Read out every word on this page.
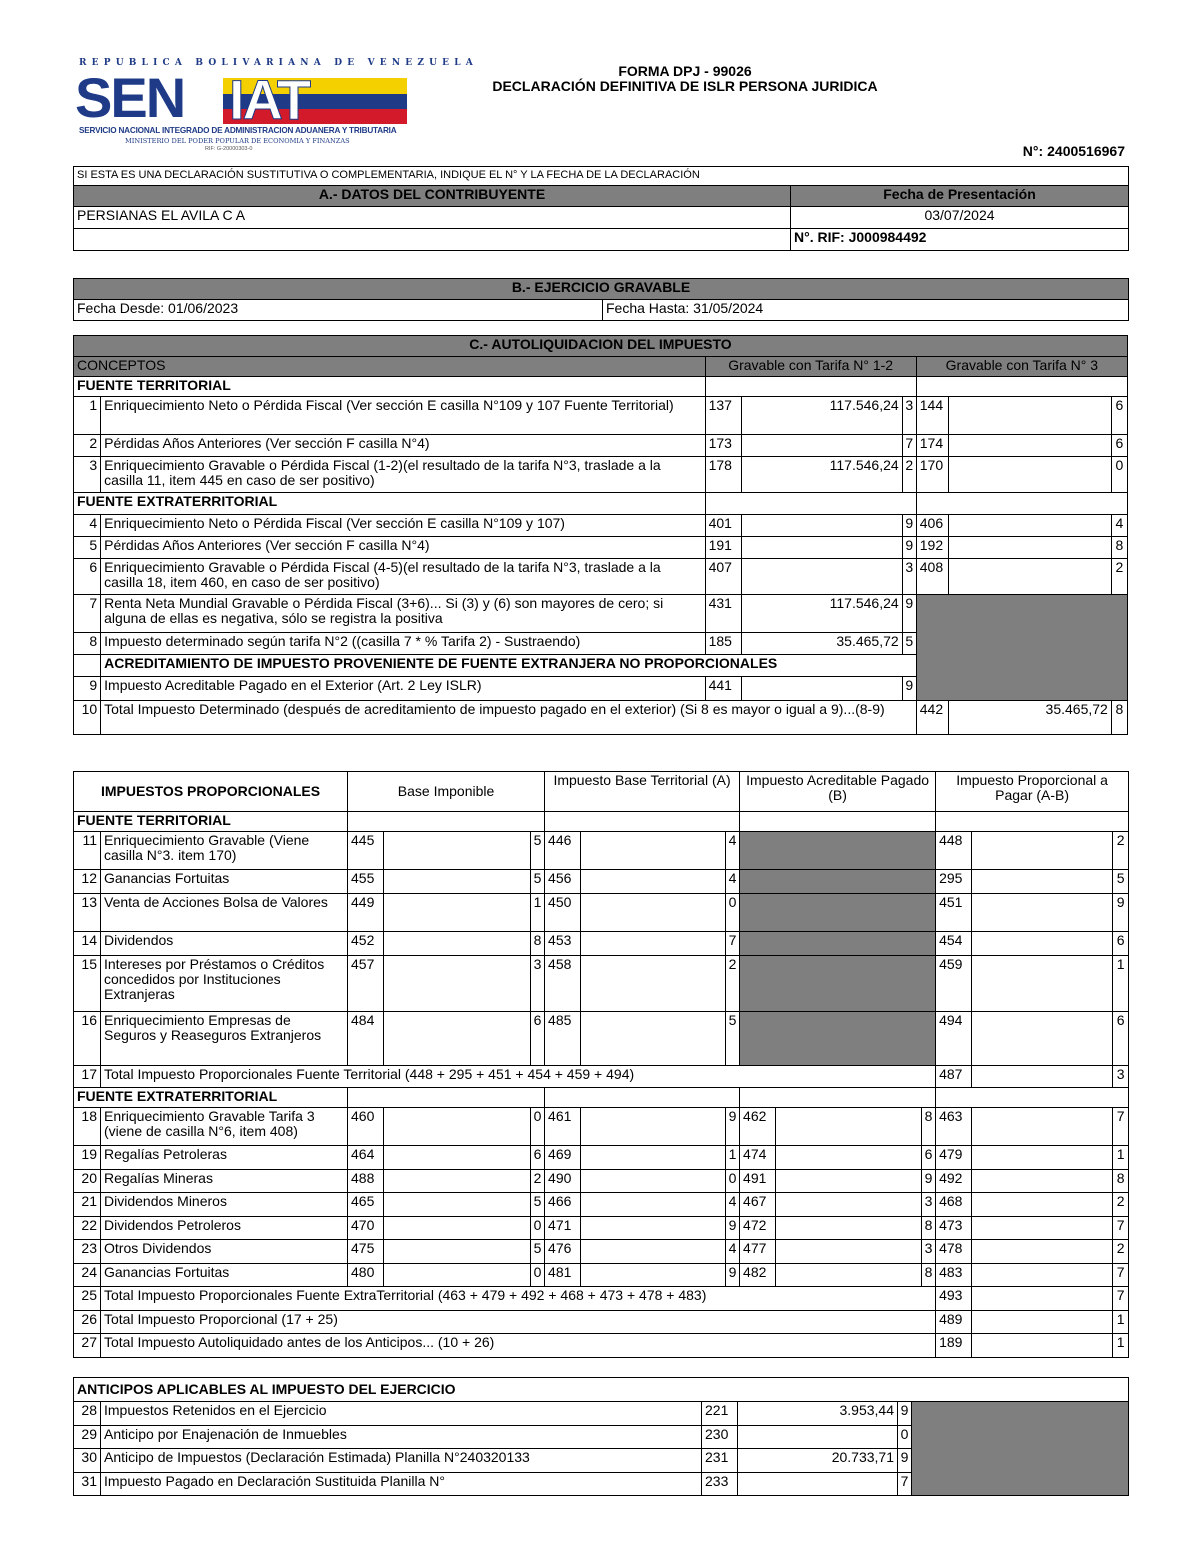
REPUBLICA BOLIVARIANA DE VENEZUELA
SEN IAT	✦✦✦✦✦✦✦✦
SERVICIO NACIONAL INTEGRADO DE ADMINISTRACION ADUANERA Y TRIBUTARIA
MINISTERIO DEL PODER POPULAR DE ECONOMIA Y FINANZAS
RIF: G-20000303-0
FORMA DPJ - 99026
DECLARACIÓN DEFINITIVA DE ISLR PERSONA JURIDICA
N°: 2400516967
SI ESTA ES UNA DECLARACIÓN SUSTITUTIVA O COMPLEMENTARIA, INDIQUE EL N° Y LA FECHA DE LA DECLARACIÓN	
A.- DATOS DEL CONTRIBUYENTE	Fecha de Presentación
PERSIANAS EL AVILA C A	03/07/2024
	N°. RIF: J000984492
B.- EJERCICIO GRAVABLE
Fecha Desde: 01/06/2023	Fecha Hasta: 31/05/2024
C.- AUTOLIQUIDACION DEL IMPUESTO							
CONCEPTOS		Gravable con Tarifa N° 1-2			Gravable con Tarifa N° 3		
FUENTE TERRITORIAL							
1	Enriquecimiento Neto o Pérdida Fiscal (Ver sección E casilla N°109 y 107 Fuente Territorial)	137	117.546,24	3	144		6
2	Pérdidas Años Anteriores (Ver sección F casilla N°4)	173		7	174		6
3	Enriquecimiento Gravable o Pérdida Fiscal (1-2)(el resultado de la tarifa N°3, traslade a la casilla 11, item 445 en caso de ser positivo)	178	117.546,24	2	170		0
FUENTE EXTRATERRITORIAL							
4	Enriquecimiento Neto o Pérdida Fiscal (Ver sección E casilla N°109 y 107)	401		9	406		4
5	Pérdidas Años Anteriores (Ver sección F casilla N°4)	191		9	192		8
6	Enriquecimiento Gravable o Pérdida Fiscal (4-5)(el resultado de la tarifa N°3, traslade a la casilla 18, item 460, en caso de ser positivo)	407		3	408		2
7	Renta Neta Mundial Gravable o Pérdida Fiscal (3+6)... Si (3) y (6) son mayores de cero; si alguna de ellas es negativa, sólo se registra la positiva	431	117.546,24	9			
8	Impuesto determinado según tarifa N°2 ((casilla 7 * % Tarifa 2) - Sustraendo)	185	35.465,72	5			
	ACREDITAMIENTO DE IMPUESTO PROVENIENTE DE FUENTE EXTRANJERA NO PROPORCIONALES						
9	Impuesto Acreditable Pagado en el Exterior (Art. 2 Ley ISLR)	441		9			
10	Total Impuesto Determinado (después de acreditamiento de impuesto pagado en el exterior) (Si 8 es mayor o igual a 9)...(8-9)				442	35.465,72	8
IMPUESTOS PROPORCIONALES		Base Imponible			Impuesto Base Territorial (A)			Impuesto Acreditable Pagado (B)			Impuesto Proporcional a Pagar (A-B)		
FUENTE TERRITORIAL													
11	Enriquecimiento Gravable (Viene casilla N°3. item 170)	445		5	446		4				448		2
12	Ganancias Fortuitas	455		5	456		4				295		5
13	Venta de Acciones Bolsa de Valores	449		1	450		0				451		9
14	Dividendos	452		8	453		7				454		6
15	Intereses por Préstamos o Créditos concedidos por Instituciones Extranjeras	457		3	458		2				459		1
16	Enriquecimiento Empresas de Seguros y Reaseguros Extranjeros	484		6	485		5				494		6
17	Total Impuesto Proporcionales Fuente Territorial (448 + 295 + 451 + 454 + 459 + 494)										487		3
FUENTE EXTRATERRITORIAL													
18	Enriquecimiento Gravable Tarifa 3 (viene de casilla N°6, item 408)	460		0	461		9	462		8	463		7
19	Regalías Petroleras	464		6	469		1	474		6	479		1
20	Regalías Mineras	488		2	490		0	491		9	492		8
21	Dividendos Mineros	465		5	466		4	467		3	468		2
22	Dividendos Petroleros	470		0	471		9	472		8	473		7
23	Otros Dividendos	475		5	476		4	477		3	478		2
24	Ganancias Fortuitas	480		0	481		9	482		8	483		7
25	Total Impuesto Proporcionales Fuente ExtraTerritorial (463 + 479 + 492 + 468 + 473 + 478 + 483)										493		7
26	Total Impuesto Proporcional (17 + 25)										489		1
27	Total Impuesto Autoliquidado antes de los Anticipos... (10 + 26)										189		1
ANTICIPOS APLICABLES AL IMPUESTO DEL EJERCICIO					
28	Impuestos Retenidos en el Ejercicio	221	3.953,44	9	
29	Anticipo por Enajenación de Inmuebles	230		0	
30	Anticipo de Impuestos (Declaración Estimada) Planilla N°240320133	231	20.733,71	9	
31	Impuesto Pagado en Declaración Sustituida Planilla N°	233		7	
